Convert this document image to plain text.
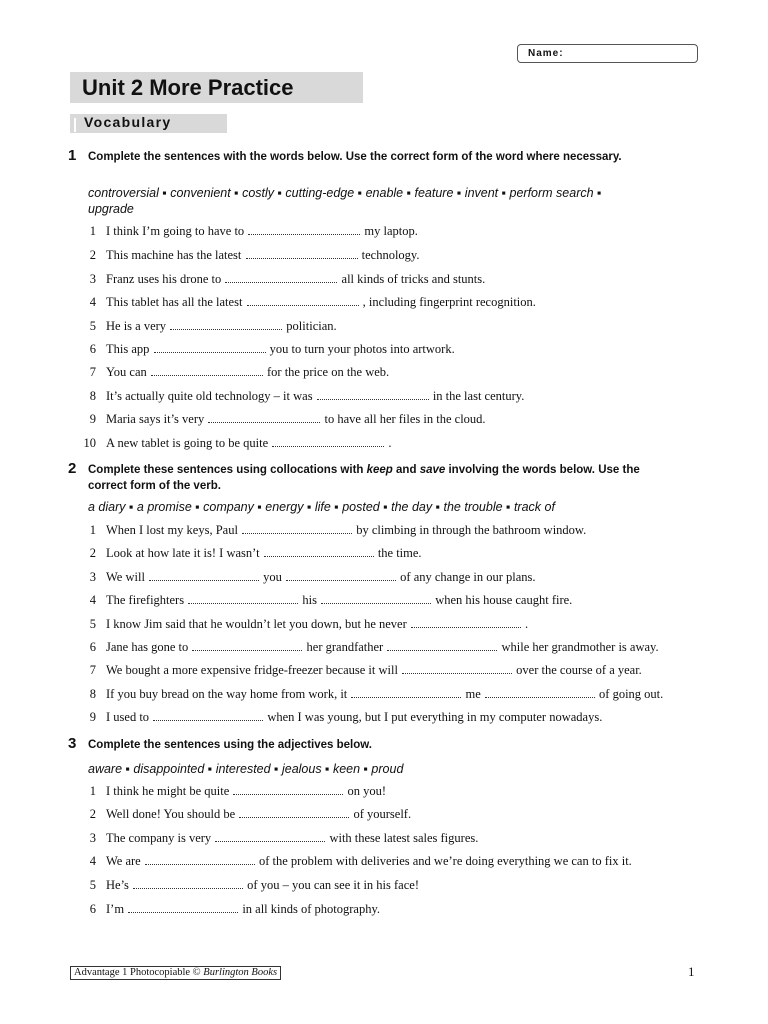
Name:
Unit 2 More Practice
Vocabulary
1 Complete the sentences with the words below. Use the correct form of the word where necessary.
controversial ▪ convenient ▪ costly ▪ cutting-edge ▪ enable ▪ feature ▪ invent ▪ perform search ▪ upgrade
1 I think I’m going to have to	my laptop.
2 This machine has the latest	technology.
3 Franz uses his drone to	all kinds of tricks and stunts.
4 This tablet has all the latest	, including fingerprint recognition.
5 He is a very	politician.
6 This app	you to turn your photos into artwork.
7 You can	for the price on the web.
8 It’s actually quite old technology – it was	in the last century.
9 Maria says it’s very	to have all her files in the cloud.
10 A new tablet is going to be quite	.
2 Complete these sentences using collocations with keep and save involving the words below. Use the correct form of the verb.
a diary ▪ a promise ▪ company ▪ energy ▪ life ▪ posted ▪ the day ▪ the trouble ▪ track of
1 When I lost my keys, Paul	by climbing in through the bathroom window.
2 Look at how late it is! I wasn’t	the time.
3 We will	you	of any change in our plans.
4 The firefighters	his	when his house caught fire.
5 I know Jim said that he wouldn’t let you down, but he never	.
6 Jane has gone to	her grandfather	while her grandmother is away.
7 We bought a more expensive fridge-freezer because it will	over the course of a year.
8 If you buy bread on the way home from work, it	me	of going out.
9 I used to	when I was young, but I put everything in my computer nowadays.
3 Complete the sentences using the adjectives below.
aware ▪ disappointed ▪ interested ▪ jealous ▪ keen ▪ proud
1 I think he might be quite	on you!
2 Well done! You should be	of yourself.
3 The company is very	with these latest sales figures.
4 We are	of the problem with deliveries and we’re doing everything we can to fix it.
5 He’s	of you – you can see it in his face!
6 I’m	in all kinds of photography.
Advantage 1 Photocopiable © Burlington Books	1
